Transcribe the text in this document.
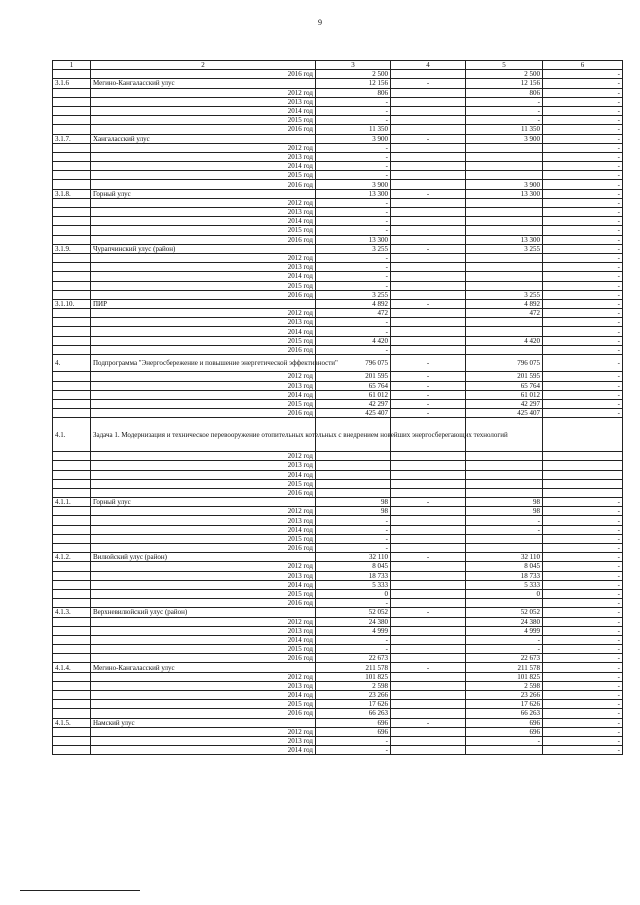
9
1	2	3	4	5	6
	2016 год	2 500		2 500	-
3.1.6	Мегино-Кангаласский улус	12 156	-	12 156	-
	2012 год	806		806	-
	2013 год	-		-	-
	2014 год	-		-	-
	2015 год	-		-	-
	2016 год	11 350		11 350	-
3.1.7.	Хангаласский улус	3 900	-	3 900	-
	2012 год	-			-
	2013 год	-			-
	2014 год	-			-
	2015 год	-			-
	2016 год	3 900		3 900	-
3.1.8.	Горный улус	13 300	-	13 300	-
	2012 год	-			-
	2013 год	-			-
	2014 год	-			-
	2015 год	-			-
	2016 год	13 300		13 300	-
3.1.9.	Чурапчинский улус (район)	3 255	-	3 255	-
	2012 год	-			-
	2013 год	-			-
	2014 год	-			-
	2015 год	-			-
	2016 год	3 255		3 255	-
3.1.10.	ПИР	4 892	-	4 892	-
	2012 год	472		472	-
	2013 год	-			-
	2014 год	-			-
	2015 год	4 420		4 420	-
	2016 год	-			-
4.	Подпрограмма "Энергосбережение и повышение энергетической эффективности"	796 075	-	796 075	-
	2012 год	201 595	-	201 595	-
	2013 год	65 764	-	65 764	-
	2014 год	61 012	-	61 012	-
	2015 год	42 297	-	42 297	-
	2016 год	425 407	-	425 407	-
4.1.	Задача 1. Модернизация и техническое перевооружение отопительных котельных с внедрением новейших энергосберегающих технологий				
	2012 год				
	2013 год				
	2014 год				
	2015 год				
	2016 год				
4.1.1.	Горный улус	98	-	98	-
	2012 год	98		98	-
	2013 год	-		-	-
	2014 год	-		-	-
	2015 год	-			-
	2016 год	-			-
4.1.2.	Вилюйский улус (район)	32 110	-	32 110	-
	2012 год	8 045		8 045	-
	2013 год	18 733		18 733	-
	2014 год	5 333		5 333	-
	2015 год	0		0	-
	2016 год	-			-
4.1.3.	Верхневилюйский улус (район)	52 052	-	52 052	-
	2012 год	24 380		24 380	-
	2013 год	4 999		4 999	-
	2014 год	-		-	-
	2015 год	-		-	-
	2016 год	22 673		22 673	-
4.1.4.	Мегино-Кангаласский улус	211 578	-	211 578	-
	2012 год	101 825		101 825	-
	2013 год	2 598		2 598	-
	2014 год	23 266		23 266	-
	2015 год	17 626		17 626	-
	2016 год	66 263		66 263	-
4.1.5.	Намский улус	696	-	696	-
	2012 год	696		696	-
	2013 год	-		-	-
	2014 год	-			-
